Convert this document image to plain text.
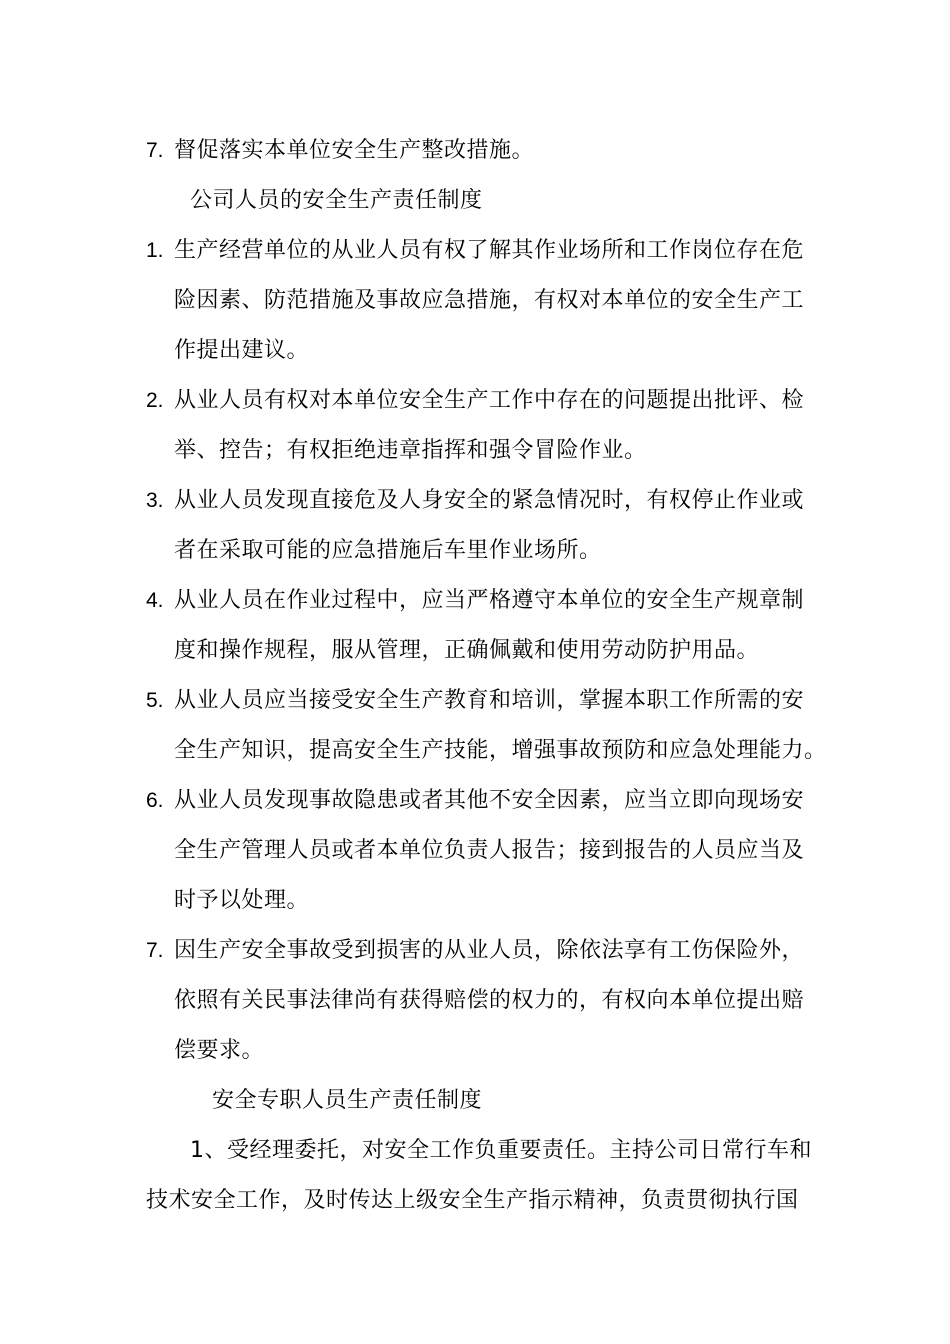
7. 督促落实本单位安全生产整改措施。
公司人员的安全生产责任制度
1. 生产经营单位的从业人员有权了解其作业场所和工作岗位存在危
险因素、防范措施及事故应急措施，有权对本单位的安全生产工
作提出建议。
2. 从业人员有权对本单位安全生产工作中存在的问题提出批评、检
举、控告；有权拒绝违章指挥和强令冒险作业。
3. 从业人员发现直接危及人身安全的紧急情况时，有权停止作业或
者在采取可能的应急措施后车里作业场所。
4. 从业人员在作业过程中，应当严格遵守本单位的安全生产规章制
度和操作规程，服从管理，正确佩戴和使用劳动防护用品。
5. 从业人员应当接受安全生产教育和培训，掌握本职工作所需的安
全生产知识，提高安全生产技能，增强事故预防和应急处理能力。
6. 从业人员发现事故隐患或者其他不安全因素，应当立即向现场安
全生产管理人员或者本单位负责人报告；接到报告的人员应当及
时予以处理。
7. 因生产安全事故受到损害的从业人员，除依法享有工伤保险外，
依照有关民事法律尚有获得赔偿的权力的，有权向本单位提出赔
偿要求。
安全专职人员生产责任制度
1、受经理委托，对安全工作负重要责任。主持公司日常行车和
技术安全工作，及时传达上级安全生产指示精神，负责贯彻执行国
